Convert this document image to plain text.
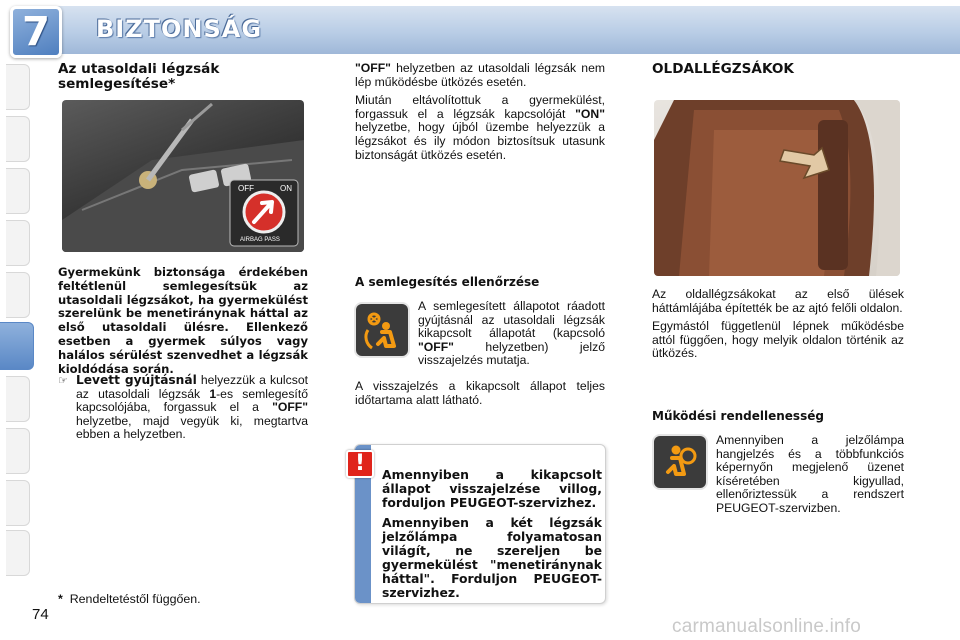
7 BIZTONSÁG
Az utasoldali légzsák semlegesítése*
OFF	ON
AIRBAG PASS
Gyermekünk biztonsága érdekében feltétlenül semlegesítsük az utasoldali légzsákot, ha gyermekülést szerelünk be menetiránynak háttal az első utasoldali ülésre. Ellenkező esetben a gyermek súlyos vagy halálos sérülést szenvedhet a légzsák kioldódása során.
☞ Levett gyújtásnál helyezzük a kulcsot az utasoldali légzsák 1-es semlegesítő kapcsolójába, forgassuk el a "OFF" helyzetbe, majd vegyük ki, megtartva ebben a helyzetben.

"OFF" helyzetben az utasoldali légzsák nem lép működésbe ütközés esetén.

Miután eltávolítottuk a gyermekülést, forgassuk el a légzsák kapcsolóját "ON" helyzetbe, hogy újból üzembe helyezzük a légzsákot és ily módon biztosítsuk utasunk biztonságát ütközés esetén.

A semlegesítés ellenőrzése
A semlegesített állapotot ráadott gyújtásnál az utasoldali légzsák kikapcsolt állapotát (kapcsoló "OFF" helyzetben) jelző visszajelzés mutatja.
A visszajelzés a kikapcsolt állapot teljes időtartama alatt látható.
!	Amennyiben a kikapcsolt állapot visszajelzése villog, forduljon PEUGEOT-szervizhez.

Amennyiben a két légzsák jelzőlámpa folyamatosan világít, ne szereljen be gyermekülést "menetiránynak háttal". Forduljon PEUGEOT-szervizhez.

OLDALLÉGZSÁKOK

Az oldallégzsákokat az első ülések háttámlájába építették be az ajtó felőli oldalon.

Egymástól függetlenül lépnek működésbe attól függően, hogy melyik oldalon történik az ütközés.

Működési rendellenesség
Amennyiben a jelzőlámpa hangjelzés és a többfunkciós képernyőn megjelenő üzenet kíséretében kigyullad, ellenőriztessük a rendszert PEUGEOT-szervizben.
* Rendeltetéstől függően.
74
carmanualsonline.info
